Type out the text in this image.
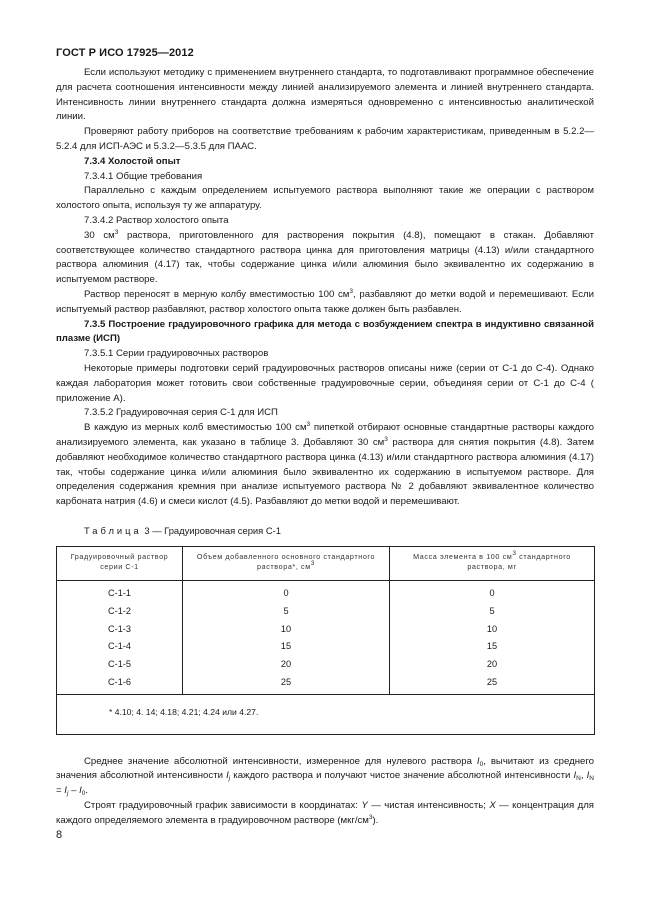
ГОСТ Р ИСО 17925—2012

Если используют методику с применением внутреннего стандарта, то подготавливают программное обеспечение для расчета соотношения интенсивности между линией анализируемого элемента и линией внутреннего стандарта. Интенсивность линии внутреннего стандарта должна измеряться одновременно с интенсивностью аналитической линии.

Проверяют работу приборов на соответствие требованиям к рабочим характеристикам, приведенным в 5.2.2—5.2.4 для ИСП-АЭС и 5.3.2—5.3.5 для ПААС.

7.3.4 Холостой опыт

7.3.4.1 Общие требования

Параллельно с каждым определением испытуемого раствора выполняют такие же операции с раствором холостого опыта, используя ту же аппаратуру.

7.3.4.2 Раствор холостого опыта

30 $см^3$ раствора, приготовленного для растворения покрытия (4.8), помещают в стакан. Добавляют соответствующее количество стандартного раствора цинка для приготовления матрицы (4.13) и/или стандартного раствора алюминия (4.17) так, чтобы содержание цинка и/или алюминия было эквивалентно их содержанию в испытуемом растворе.

Раствор переносят в мерную колбу вместимостью 100 $см^3$, разбавляют до метки водой и перемешивают. Если испытуемый раствор разбавляют, раствор холостого опыта также должен быть разбавлен.

7.3.5 Построение градуировочного графика для метода с возбуждением спектра в индуктивно связанной плазме (ИСП)

7.3.5.1 Серии градуировочных растворов

Некоторые примеры подготовки серий градуировочных растворов описаны ниже (серии от С-1 до С-4). Однако каждая лаборатория может готовить свои собственные градуировочные серии, объединяя серии от С-1 до С-4 ( приложение А).

7.3.5.2 Градуировочная серия С-1 для ИСП

В каждую из мерных колб вместимостью 100 $см^3$ пипеткой отбирают основные стандартные растворы каждого анализируемого элемента, как указано в таблице 3. Добавляют 30 $см^3$ раствора для снятия покрытия (4.8). Затем добавляют необходимое количество стандартного раствора цинка (4.13) и/или стандартного раствора алюминия (4.17) так, чтобы содержание цинка и/или алюминия было эквивалентно их содержанию в испытуемом растворе. Для определения содержания кремния при анализе испытуемого раствора № 2 добавляют эквивалентное количество карбоната натрия (4.6) и смеси кислот (4.5). Разбавляют до метки водой и перемешивают.

Таблица 3 — Градуировочная серия С-1

Градуировочный раствор серии С-1	Объем добавленного основного стандартного раствора*, $см^3$	Масса элемента в 100 $см^3$ стандартного раствора, мг
С-1-1	0	0
С-1-2	5	5
С-1-3	10	10
С-1-4	15	15
С-1-5	20	20
С-1-6	25	25
* 4.10; 4. 14; 4.18; 4.21; 4.24 или 4.27.		

Среднее значение абсолютной интенсивности, измеренное для нулевого раствора $I_0$, вычитают из среднего значения абсолютной интенсивности $I_j$ каждого раствора и получают чистое значение абсолютной интенсивности $I_N$, $I_N = I_j - I_0$.

Строят градуировочный график зависимости в координатах: Y — чистая интенсивность; X — концентрация для каждого определяемого элемента в градуировочном растворе $(мкг/см^3)$.

8
